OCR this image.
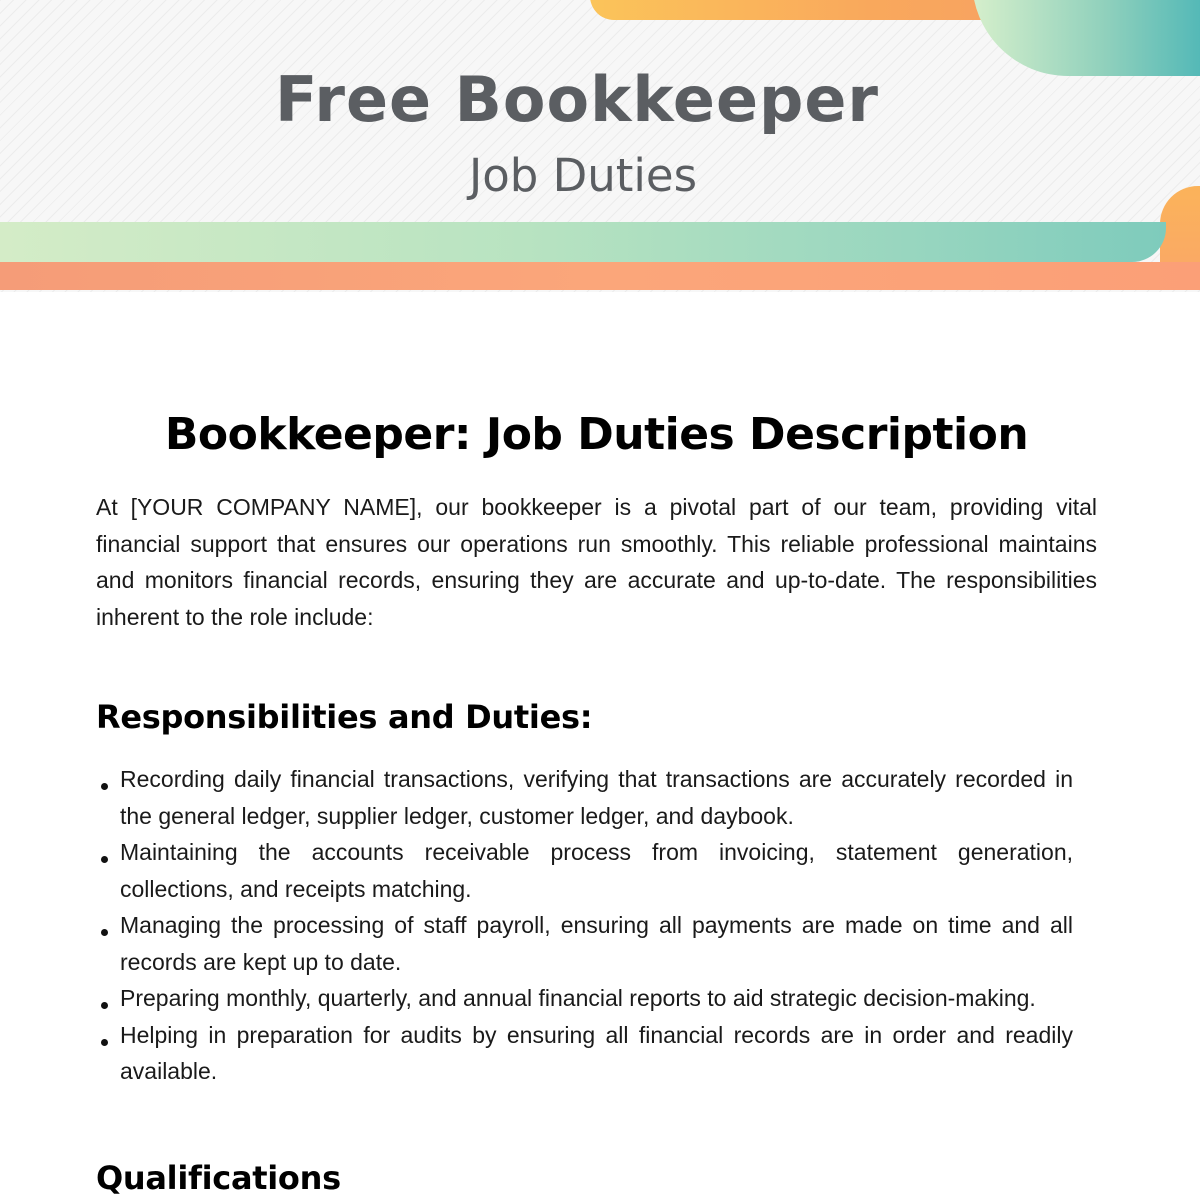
Free Bookkeeper

Job Duties

Bookkeeper: Job Duties Description

At [YOUR COMPANY NAME], our bookkeeper is a pivotal part of our team, providing vital financial support that ensures our operations run smoothly. This reliable professional maintains and monitors financial records, ensuring they are accurate and up-to-date. The responsibilities inherent to the role include:

Responsibilities and Duties:
Recording daily financial transactions, verifying that transactions are accurately recorded in the general ledger, supplier ledger, customer ledger, and daybook.
Maintaining the accounts receivable process from invoicing, statement generation, collections, and receipts matching.
Managing the processing of staff payroll, ensuring all payments are made on time and all records are kept up to date.
Preparing monthly, quarterly, and annual financial reports to aid strategic decision-making.
Helping in preparation for audits by ensuring all financial records are in order and readily available.
Qualifications
